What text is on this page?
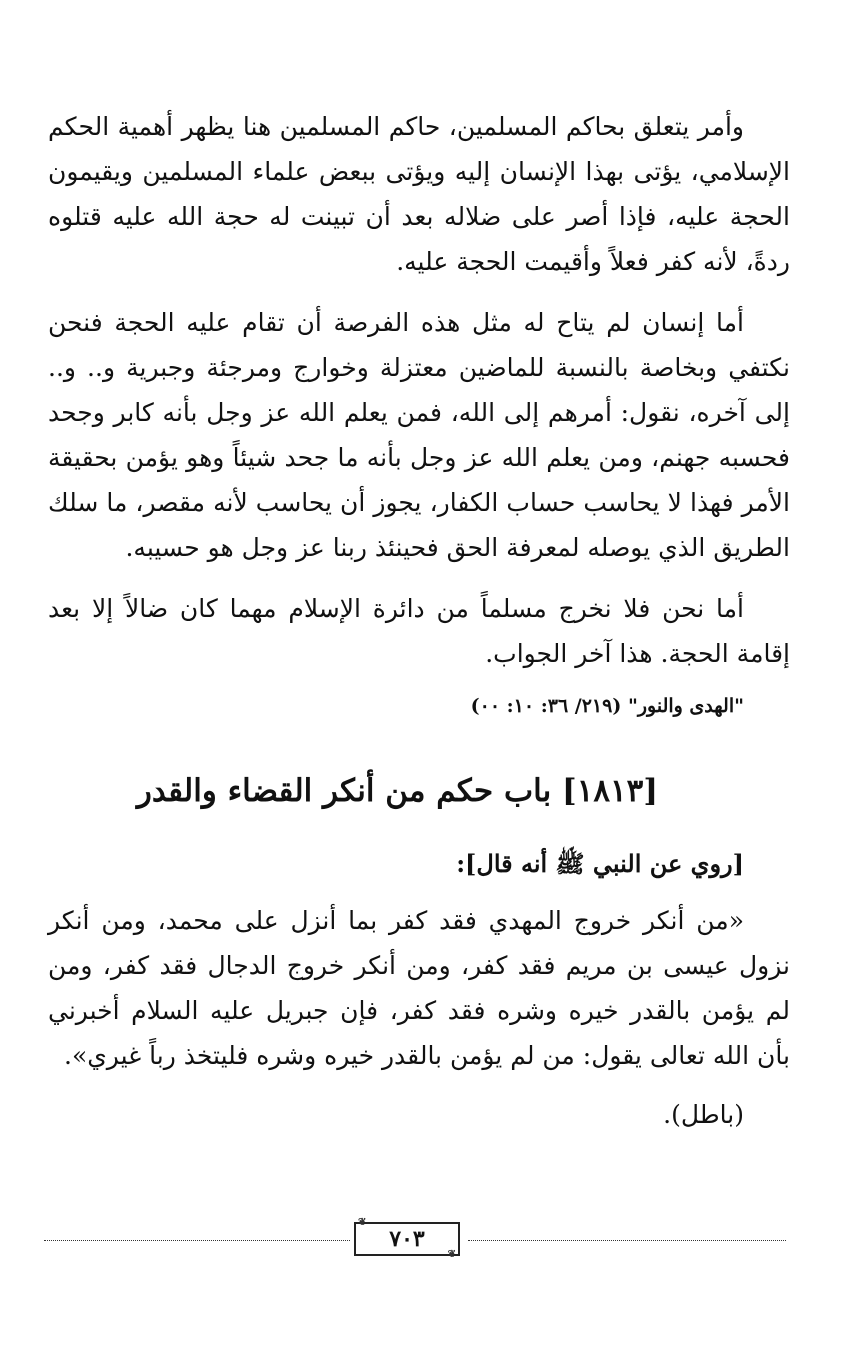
وأمر يتعلق بحاكم المسلمين، حاكم المسلمين هنا يظهر أهمية الحكم الإسلامي، يؤتى بهذا الإنسان إليه ويؤتى ببعض علماء المسلمين ويقيمون الحجة عليه، فإذا أصر على ضلاله بعد أن تبينت له حجة الله عليه قتلوه ردةً، لأنه كفر فعلاً وأقيمت الحجة عليه.

أما إنسان لم يتاح له مثل هذه الفرصة أن تقام عليه الحجة فنحن نكتفي وبخاصة بالنسبة للماضين معتزلة وخوارج ومرجئة وجبرية و.. و.. إلى آخره، نقول: أمرهم إلى الله، فمن يعلم الله عز وجل بأنه كابر وجحد فحسبه جهنم، ومن يعلم الله عز وجل بأنه ما جحد شيئاً وهو يؤمن بحقيقة الأمر فهذا لا يحاسب حساب الكفار، يجوز أن يحاسب لأنه مقصر، ما سلك الطريق الذي يوصله لمعرفة الحق فحينئذ ربنا عز وجل هو حسيبه.

أما نحن فلا نخرج مسلماً من دائرة الإسلام مهما كان ضالاً إلا بعد إقامة الحجة. هذا آخر الجواب.

"الهدى والنور" (٢١٩/ ٣٦: ١٠: ٠٠)

[١٨١٣] باب حكم من أنكر القضاء والقدر

[روي عن النبي ﷺ أنه قال]:

«من أنكر خروج المهدي فقد كفر بما أنزل على محمد، ومن أنكر نزول عيسى بن مريم فقد كفر، ومن أنكر خروج الدجال فقد كفر، ومن لم يؤمن بالقدر خيره وشره فقد كفر، فإن جبريل عليه السلام أخبرني بأن الله تعالى يقول: من لم يؤمن بالقدر خيره وشره فليتخذ رباً غيري».

(باطل).

❦
٧٠٣
❦
